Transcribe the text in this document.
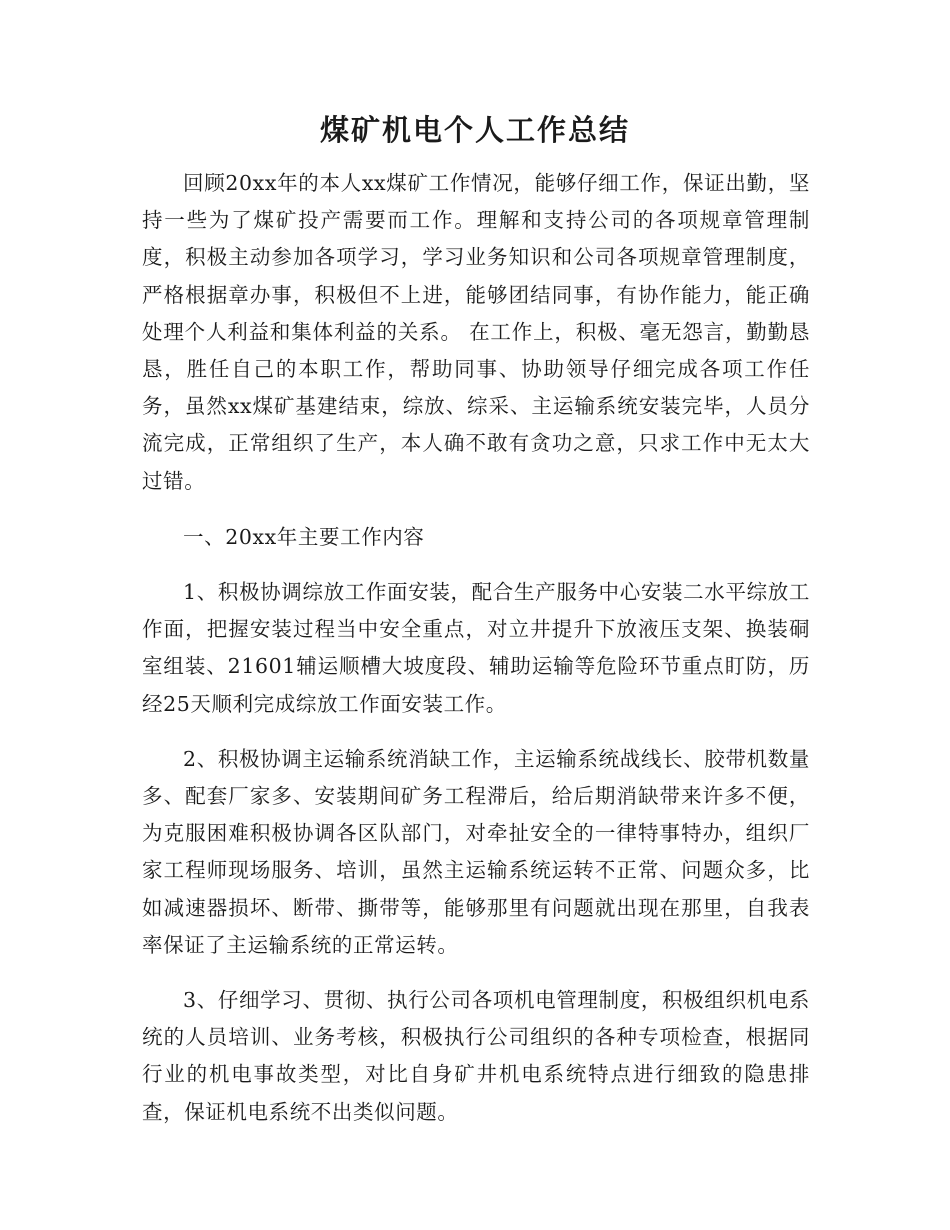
煤矿机电个人工作总结

回顾20xx年的本人xx煤矿工作情况，能够仔细工作，保证出勤，坚持一些为了煤矿投产需要而工作。理解和支持公司的各项规章管理制度，积极主动参加各项学习，学习业务知识和公司各项规章管理制度，严格根据章办事，积极但不上进，能够团结同事，有协作能力，能正确处理个人利益和集体利益的关系。 在工作上，积极、毫无怨言，勤勤恳恳，胜任自己的本职工作，帮助同事、协助领导仔细完成各项工作任务，虽然xx煤矿基建结束，综放、综采、主运输系统安装完毕，人员分流完成，正常组织了生产，本人确不敢有贪功之意，只求工作中无太大过错。

一、20xx年主要工作内容

1、积极协调综放工作面安装，配合生产服务中心安装二水平综放工作面，把握安装过程当中安全重点，对立井提升下放液压支架、换装硐室组装、21601辅运顺槽大坡度段、辅助运输等危险环节重点盯防，历经25天顺利完成综放工作面安装工作。

2、积极协调主运输系统消缺工作，主运输系统战线长、胶带机数量多、配套厂家多、安装期间矿务工程滞后，给后期消缺带来许多不便，为克服困难积极协调各区队部门，对牵扯安全的一律特事特办，组织厂家工程师现场服务、培训，虽然主运输系统运转不正常、问题众多，比如减速器损坏、断带、撕带等，能够那里有问题就出现在那里，自我表率保证了主运输系统的正常运转。

3、仔细学习、贯彻、执行公司各项机电管理制度，积极组织机电系统的人员培训、业务考核，积极执行公司组织的各种专项检查，根据同行业的机电事故类型，对比自身矿井机电系统特点进行细致的隐患排查，保证机电系统不出类似问题。
